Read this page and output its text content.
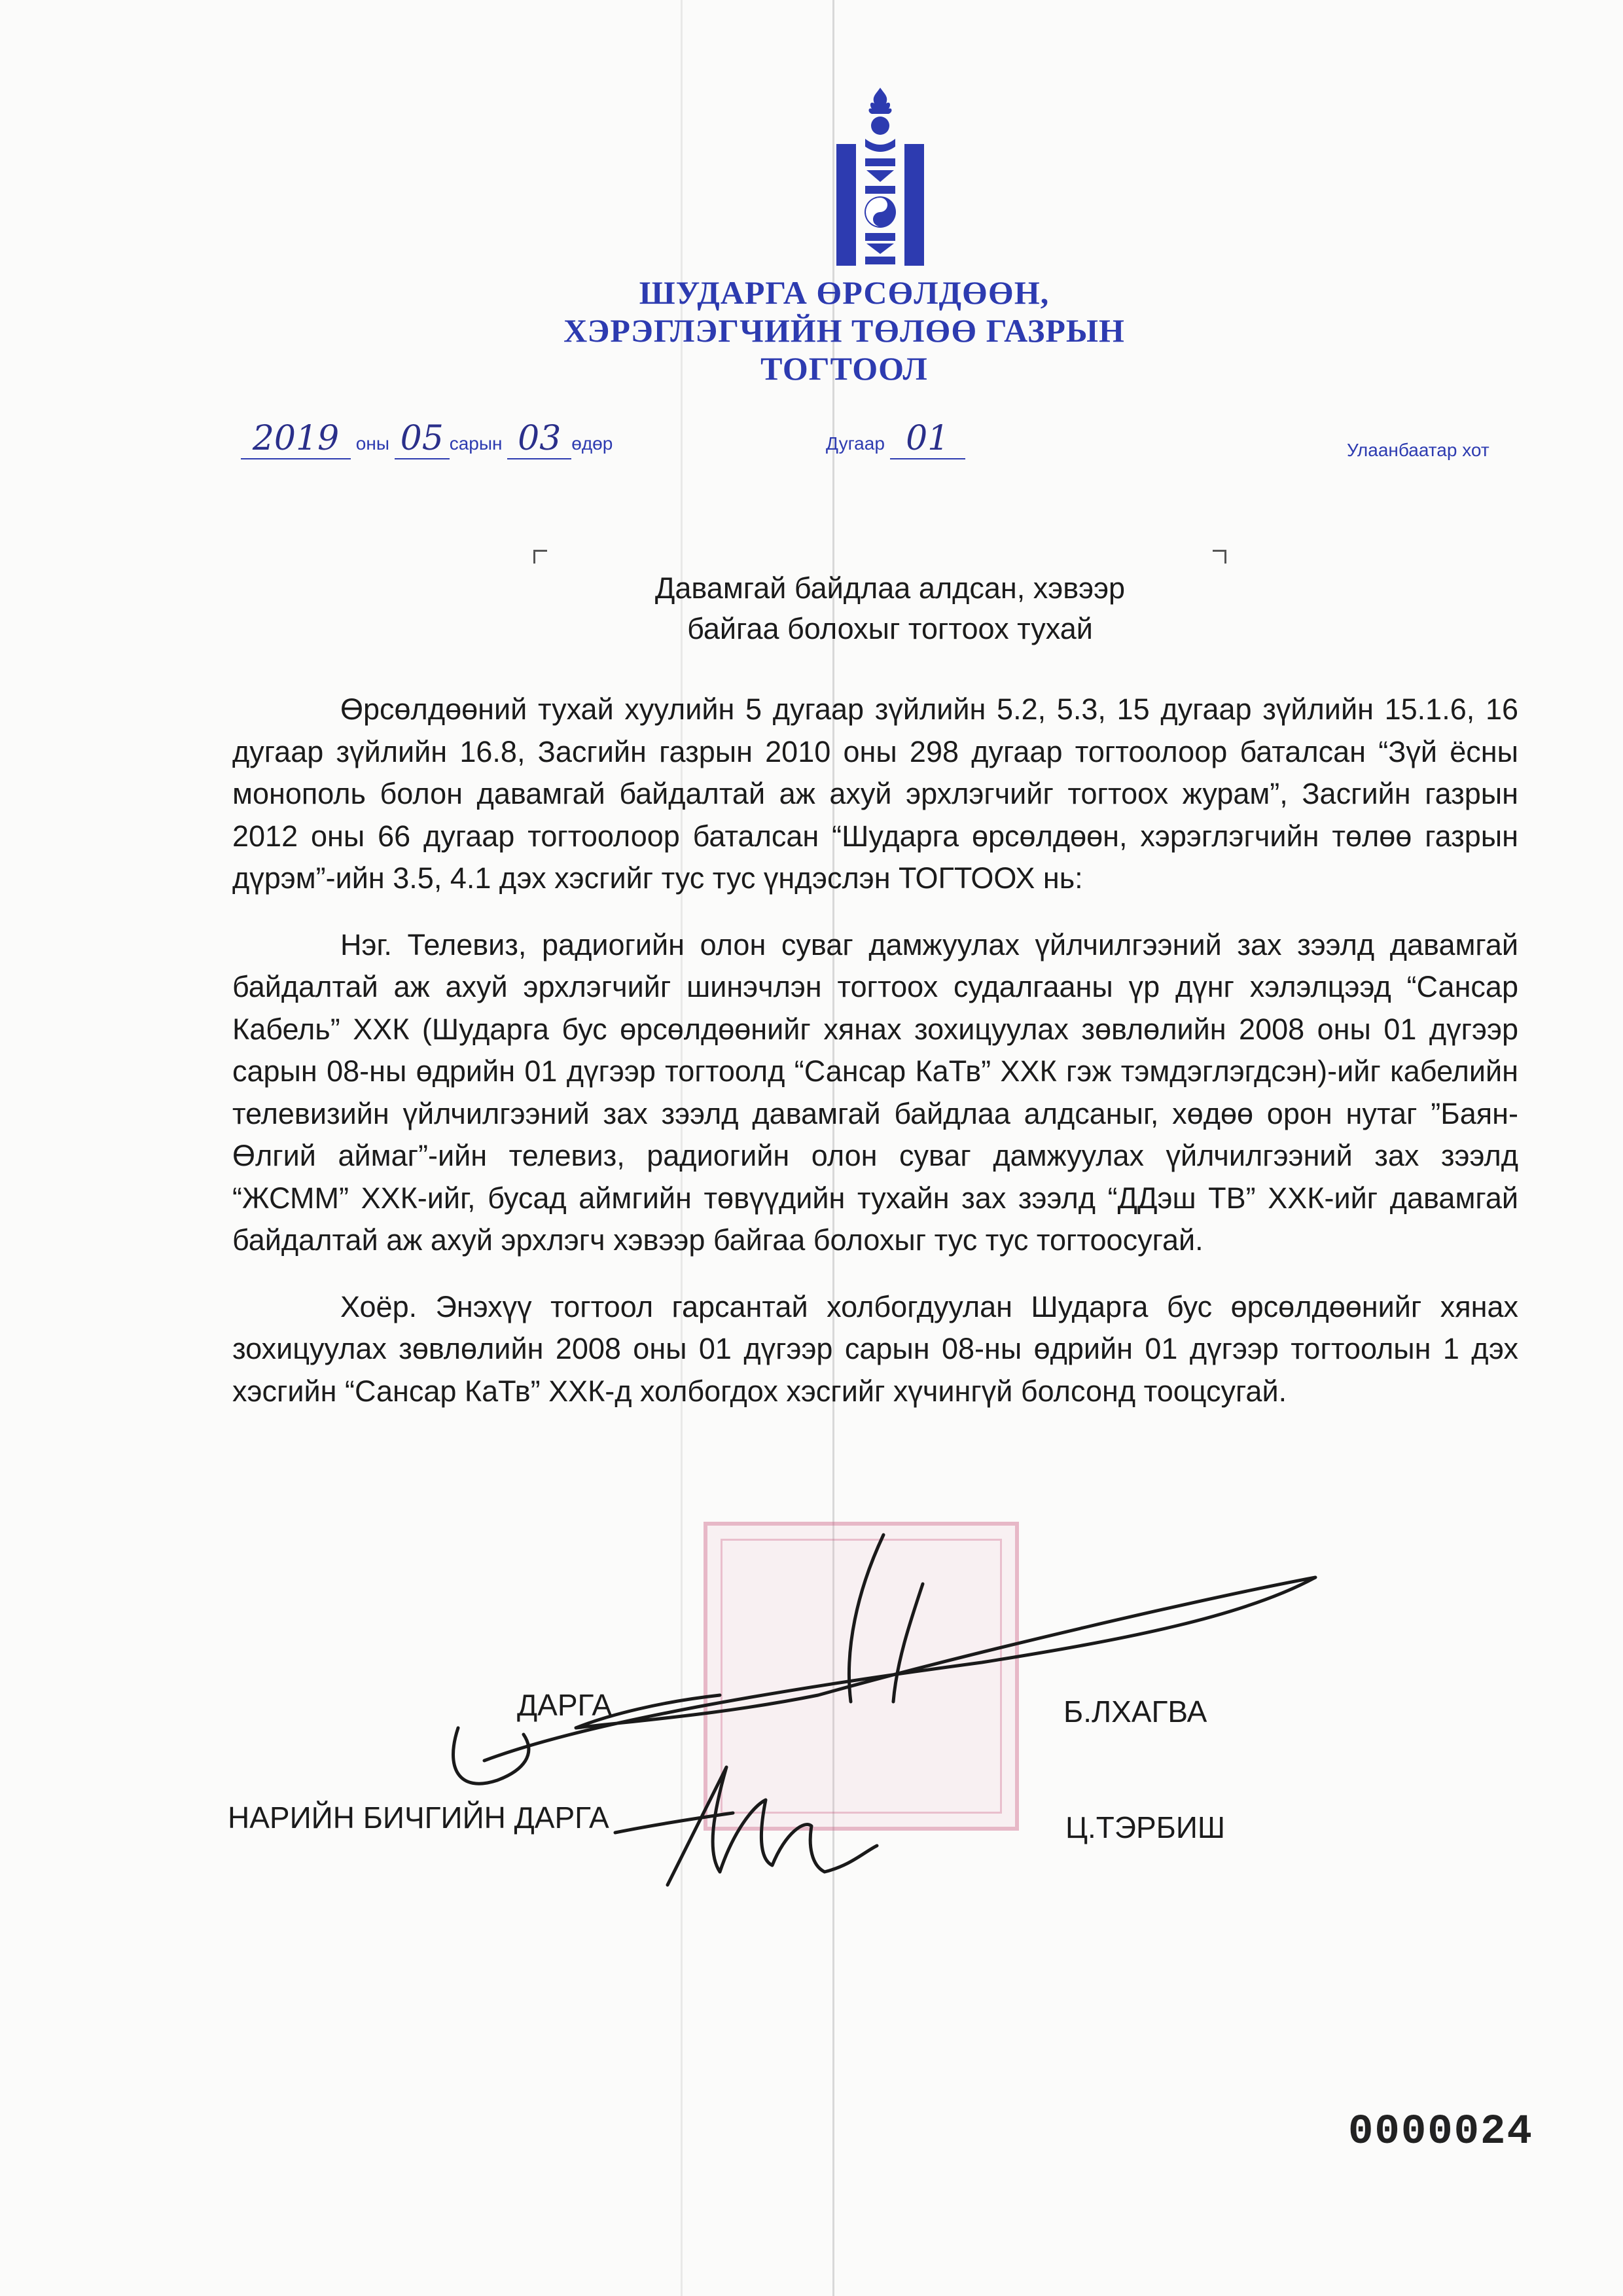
ШУДАРГА ӨРСӨЛДӨӨН,
ХЭРЭГЛЭГЧИЙН ТӨЛӨӨ ГАЗРЫН
ТОГТООЛ
2019 оны 05 сарын 03 өдөр	Дугаар 01	Улаанбаатар хот
Давамгай байдлаа алдсан, хэвээр
байгаа болохыг тогтоох тухай

Өрсөлдөөний тухай хуулийн 5 дугаар зүйлийн 5.2, 5.3, 15 дугаар зүйлийн 15.1.6, 16 дугаар зүйлийн 16.8, Засгийн газрын 2010 оны 298 дугаар тогтоолоор баталсан “Зүй ёсны монополь болон давамгай байдалтай аж ахуй эрхлэгчийг тогтоох журам”, Засгийн газрын 2012 оны 66 дугаар тогтоолоор баталсан “Шударга өрсөлдөөн, хэрэглэгчийн төлөө газрын дүрэм”-ийн 3.5, 4.1 дэх хэсгийг тус тус үндэслэн ТОГТООХ нь:

Нэг. Телевиз, радиогийн олон суваг дамжуулах үйлчилгээний зах зээлд давамгай байдалтай аж ахуй эрхлэгчийг шинэчлэн тогтоох судалгааны үр дүнг хэлэлцээд “Сансар Кабель” ХХК (Шударга бус өрсөлдөөнийг хянах зохицуулах зөвлөлийн 2008 оны 01 дүгээр сарын 08-ны өдрийн 01 дүгээр тогтоолд “Сансар КаТв” ХХК гэж тэмдэглэгдсэн)-ийг кабелийн телевизийн үйлчилгээний зах зээлд давамгай байдлаа алдсаныг, хөдөө орон нутаг ”Баян-Өлгий аймаг”-ийн телевиз, радиогийн олон суваг дамжуулах үйлчилгээний зах зээлд “ЖСММ” ХХК-ийг, бусад аймгийн төвүүдийн тухайн зах зээлд “ДДэш ТВ” ХХК-ийг давамгай байдалтай аж ахуй эрхлэгч хэвээр байгаа болохыг тус тус тогтоосугай.

Хоёр. Энэхүү тогтоол гарсантай холбогдуулан Шударга бус өрсөлдөөнийг хянах зохицуулах зөвлөлийн 2008 оны 01 дүгээр сарын 08-ны өдрийн 01 дүгээр тогтоолын 1 дэх хэсгийн “Сансар КаТв” ХХК-д холбогдох хэсгийг хүчингүй болсонд тооцсугай.

ДАРГА	Б.ЛХАГВА
НАРИЙН БИЧГИЙН ДАРГА	Ц.ТЭРБИШ
0000024
